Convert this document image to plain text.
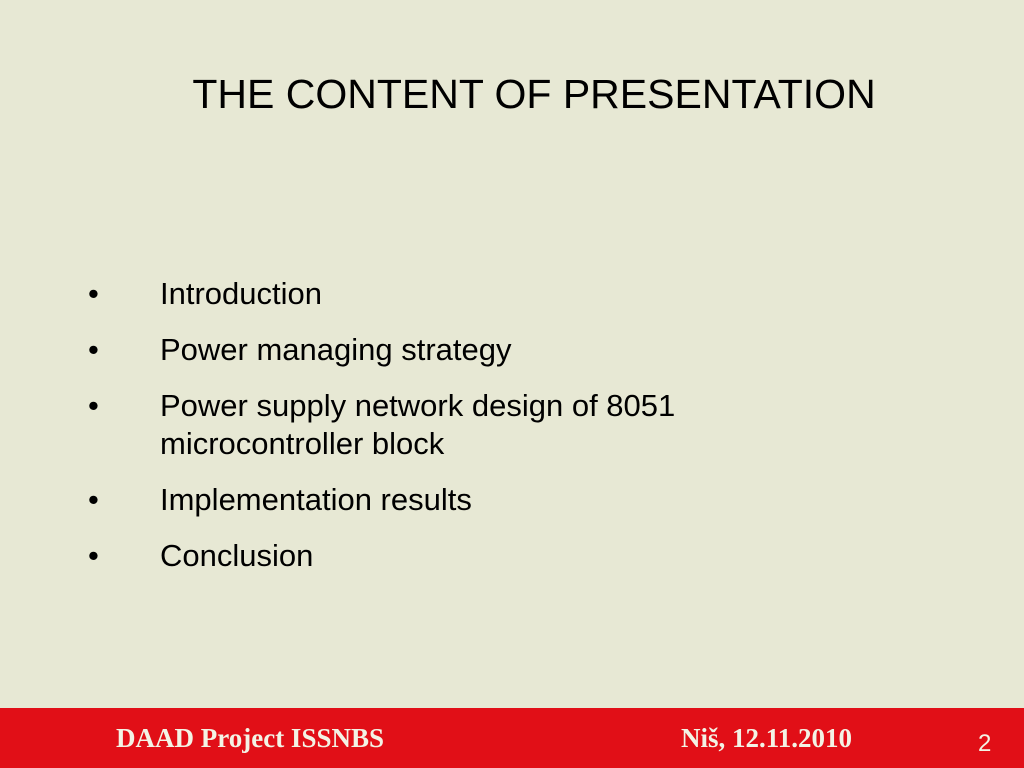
THE CONTENT OF PRESENTATION
•	Introduction
•	Power managing strategy
•	Power supply network design of 8051
microcontroller block
•	Implementation results
•	Conclusion
DAAD Project ISSNBS	Niš, 12.11.2010	2
